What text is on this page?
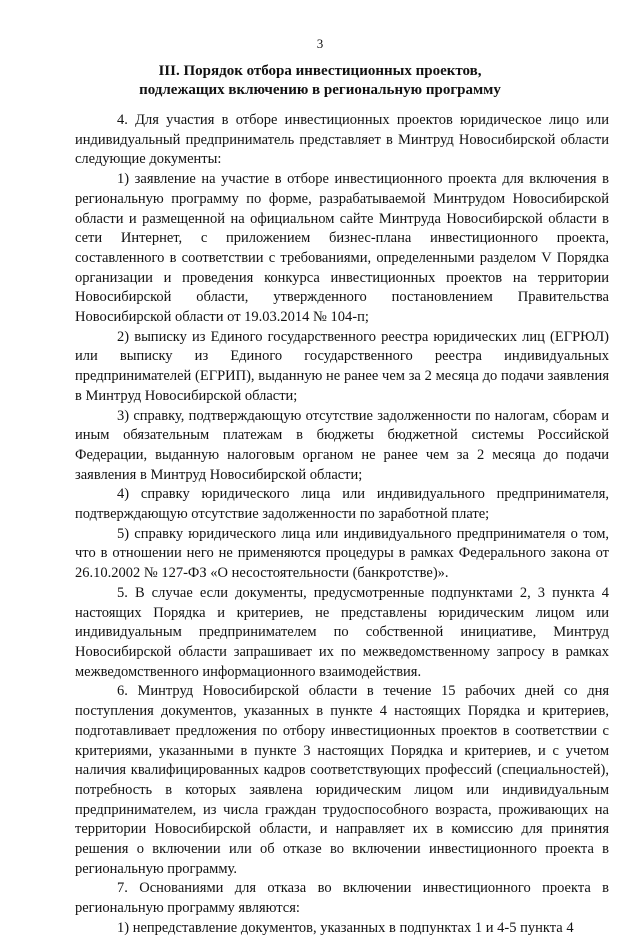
3
III. Порядок отбора инвестиционных проектов,
подлежащих включению в региональную программу

4. Для участия в отборе инвестиционных проектов юридическое лицо или индивидуальный предприниматель представляет в Минтруд Новосибирской области следующие документы:

1) заявление на участие в отборе инвестиционного проекта для включения в региональную программу по форме, разрабатываемой Минтрудом Новосибирской области и размещенной на официальном сайте Минтруда Новосибирской области в сети Интернет, с приложением бизнес-плана инвестиционного проекта, составленного в соответствии с требованиями, определенными разделом V Порядка организации и проведения конкурса инвестиционных проектов на территории Новосибирской области, утвержденного постановлением Правительства Новосибирской области от 19.03.2014 № 104-п;

2) выписку из Единого государственного реестра юридических лиц (ЕГРЮЛ) или выписку из Единого государственного реестра индивидуальных предпринимателей (ЕГРИП), выданную не ранее чем за 2 месяца до подачи заявления в Минтруд Новосибирской области;

3) справку, подтверждающую отсутствие задолженности по налогам, сборам и иным обязательным платежам в бюджеты бюджетной системы Российской Федерации, выданную налоговым органом не ранее чем за 2 месяца до подачи заявления в Минтруд Новосибирской области;

4) справку юридического лица или индивидуального предпринимателя, подтверждающую отсутствие задолженности по заработной плате;

5) справку юридического лица или индивидуального предпринимателя о том, что в отношении него не применяются процедуры в рамках Федерального закона от 26.10.2002 № 127-ФЗ «О несостоятельности (банкротстве)».

5. В случае если документы, предусмотренные подпунктами 2, 3 пункта 4 настоящих Порядка и критериев, не представлены юридическим лицом или индивидуальным предпринимателем по собственной инициативе, Минтруд Новосибирской области запрашивает их по межведомственному запросу в рамках межведомственного информационного взаимодействия.

6. Минтруд Новосибирской области в течение 15 рабочих дней со дня поступления документов, указанных в пункте 4 настоящих Порядка и критериев, подготавливает предложения по отбору инвестиционных проектов в соответствии с критериями, указанными в пункте 3 настоящих Порядка и критериев, и с учетом наличия квалифицированных кадров соответствующих профессий (специальностей), потребность в которых заявлена юридическим лицом или индивидуальным предпринимателем, из числа граждан трудоспособного возраста, проживающих на территории Новосибирской области, и направляет их в комиссию для принятия решения о включении или об отказе во включении инвестиционного проекта в региональную программу.

7. Основаниями для отказа во включении инвестиционного проекта в региональную программу являются:

1) непредставление документов, указанных в подпунктах 1 и 4-5 пункта 4
